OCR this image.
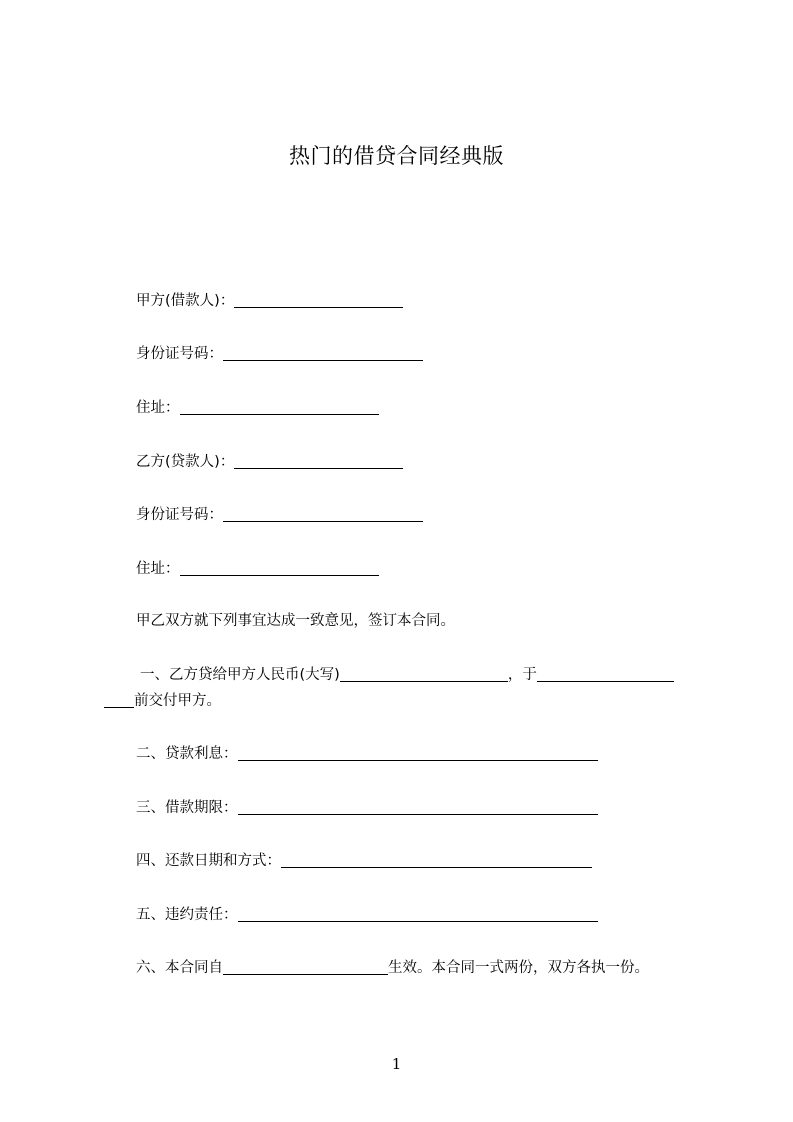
热门的借贷合同经典版
甲方(借款人)：
身份证号码：
住址：
乙方(贷款人)：
身份证号码：
住址：
甲乙双方就下列事宜达成一致意见，签订本合同。
一、乙方贷给甲方人民币(大写)	，于
前交付甲方。
二、贷款利息：
三、借款期限：
四、还款日期和方式：
五、违约责任：
六、本合同自	生效。本合同一式两份，双方各执一份。
1
